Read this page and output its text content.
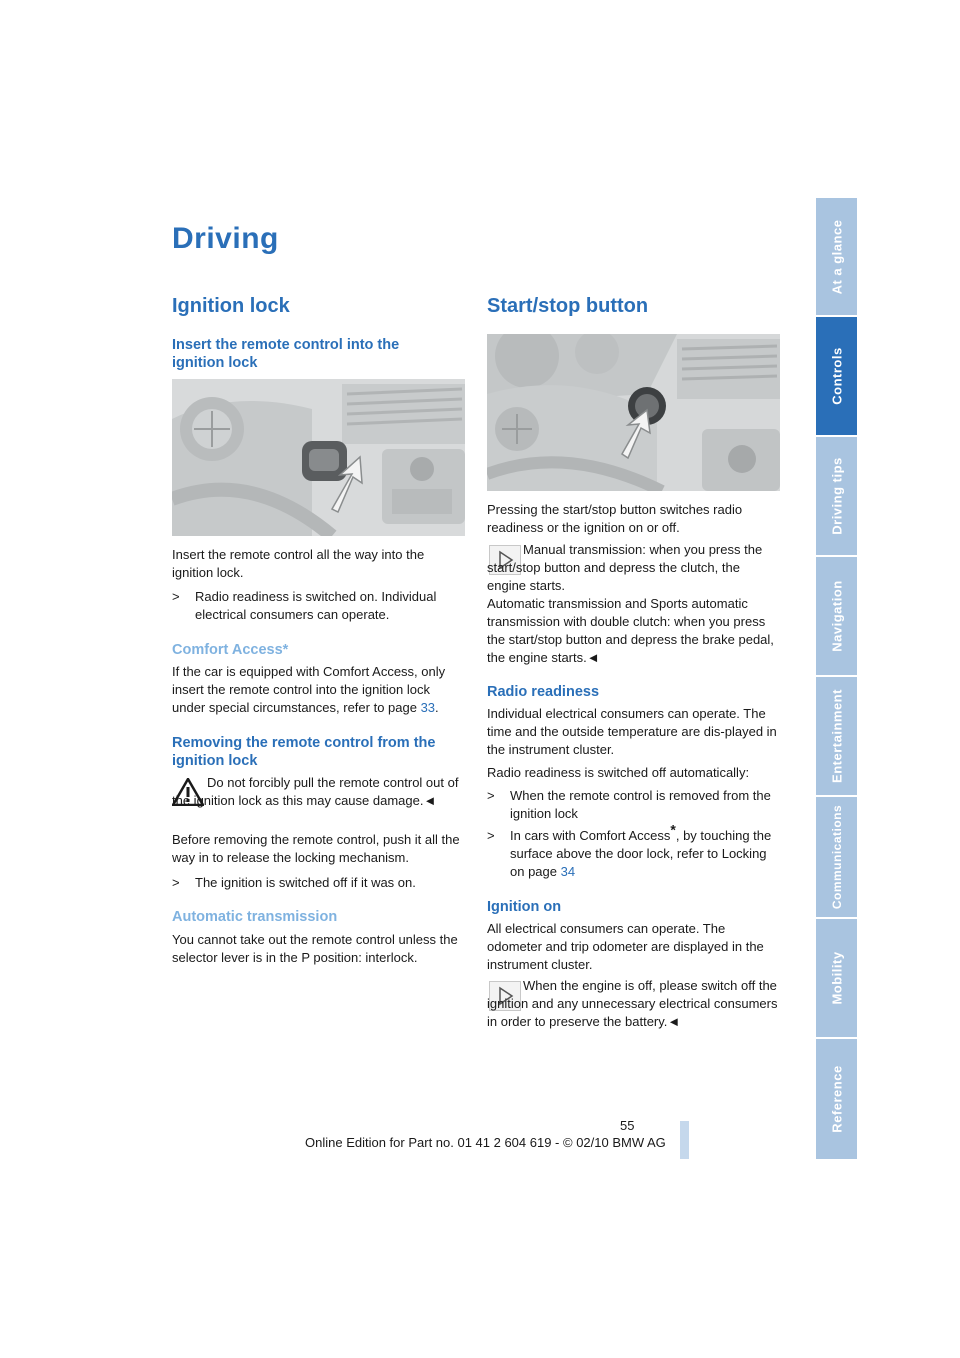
At a glance
Controls
Driving tips
Navigation
Entertainment
Communications
Mobility
Reference
Driving
Ignition lock
Insert the remote control into the ignition lock

Insert the remote control all the way into the ignition lock.

> Radio readiness is switched on. Individual electrical consumers can operate.
Comfort Access*

If the car is equipped with Comfort Access, only insert the remote control into the ignition lock under special circumstances, refer to page 33.

Removing the remote control from the ignition lock

Do not forcibly pull the remote control out of the ignition lock as this may cause damage.◄

Before removing the remote control, push it all the way in to release the locking mechanism.

> The ignition is switched off if it was on.
Automatic transmission

You cannot take out the remote control unless the selector lever is in the P position: interlock.

Start/stop button

Pressing the start/stop button switches radio readiness or the ignition on or off.

Manual transmission: when you press the start/stop button and depress the clutch, the engine starts.

Automatic transmission and Sports automatic transmission with double clutch: when you press the start/stop button and depress the brake pedal, the engine starts.◄

Radio readiness

Individual electrical consumers can operate. The time and the outside temperature are dis-played in the instrument cluster.

Radio readiness is switched off automatically:

> When the remote control is removed from the ignition lock
> In cars with Comfort Access*, by touching the surface above the door lock, refer to Locking on page 34
Ignition on

All electrical consumers can operate. The odometer and trip odometer are displayed in the instrument cluster.

When the engine is off, please switch off the ignition and any unnecessary electrical consumers in order to preserve the battery.◄

55
Online Edition for Part no. 01 41 2 604 619 - © 02/10 BMW AG
